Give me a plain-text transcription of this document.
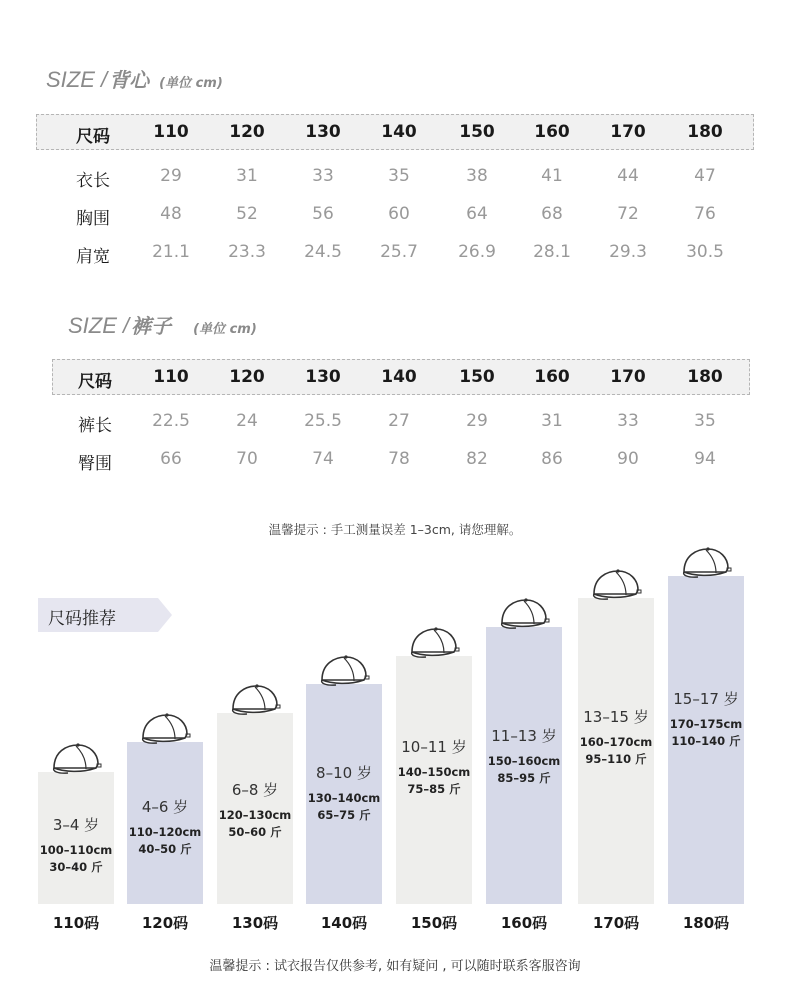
SIZE / 背心 (单位 cm)
尺码	110 120 130 140	150 160 170 180
衣长	29	31	33	35	38	41	44	47
胸围	48	52	56	60	64	68	72	76
肩宽 21.1 23.3 24.5 25.7 26.9 28.1 29.3 30.5
SIZE / 裤子 (单位 cm)
尺码 110 120 130 140	150 160 170 180
裤长 22.5	24	25.5	27	29	31	33	35
臀围	66	70	74	78	82	86	90	94
温馨提示 : 手工测量误差 1–3cm, 请您理解。
尺码推荐
3–4 岁
100–110cm
30–40 斤
110码
4–6 岁
110–120cm
40–50 斤
120码
6–8 岁
120–130cm
50–60 斤
130码
8–10 岁
130–140cm
65–75 斤
140码
10–11 岁
140–150cm
75–85 斤
150码
11–13 岁
150–160cm
85–95 斤
160码
13–15 岁
160–170cm
95–110 斤
170码
15–17 岁
170–175cm
110–140 斤
180码
温馨提示 : 试衣报告仅供参考, 如有疑问 , 可以随时联系客服咨询
